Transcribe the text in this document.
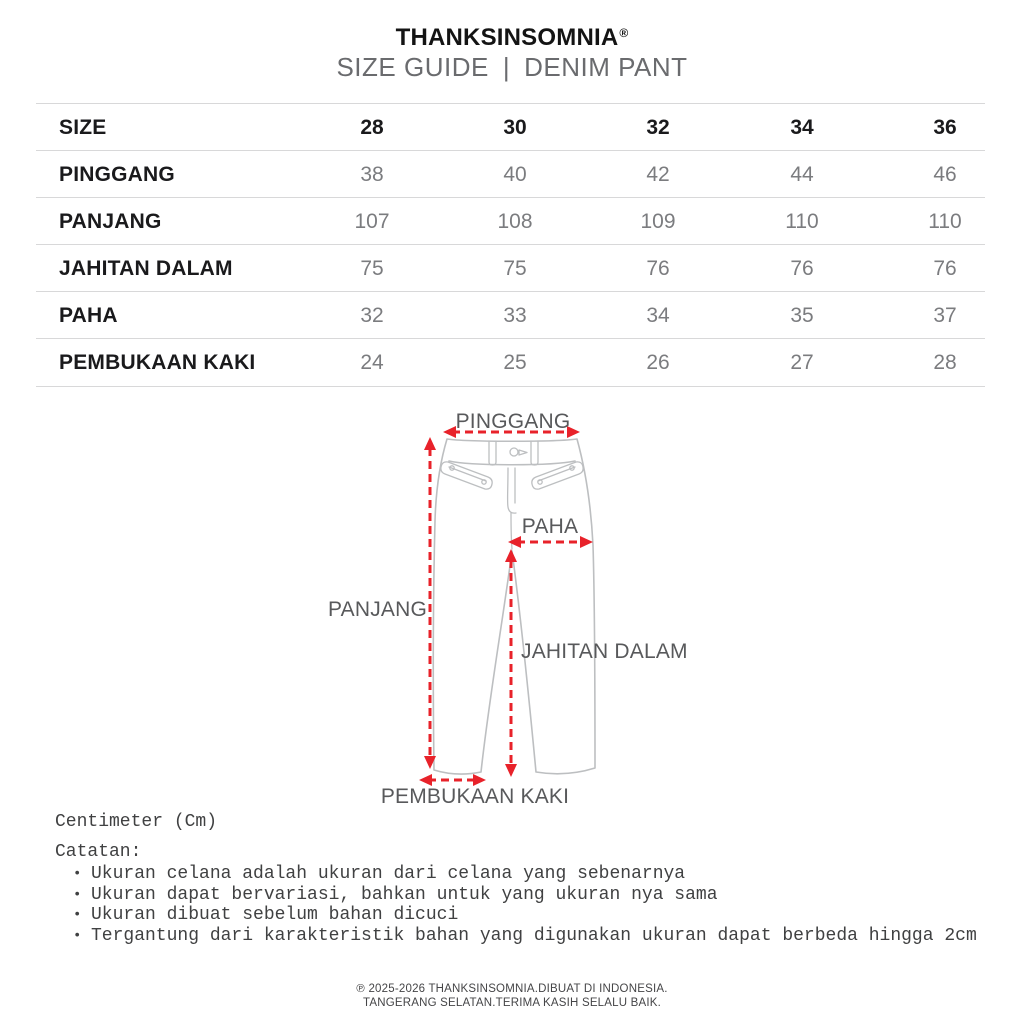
THANKSINSOMNIA®
SIZE GUIDE | DENIM PANT
SIZE	28	30	32	34	36
PINGGANG	38	40	42	44	46
PANJANG	107	108	109	110	110
JAHITAN DALAM	75	75	76	76	76
PAHA	32	33	34	35	37
PEMBUKAAN KAKI	24	25	26	27	28
PINGGANG
PAHA
PANJANG
JAHITAN DALAM
PEMBUKAAN KAKI
Centimeter (Cm)
Catatan:
• Ukuran celana adalah ukuran dari celana yang sebenarnya
• Ukuran dapat bervariasi, bahkan untuk yang ukuran nya sama
• Ukuran dibuat sebelum bahan dicuci
• Tergantung dari karakteristik bahan yang digunakan ukuran dapat berbeda hingga 2cm
℗ 2025-2026 THANKSINSOMNIA.DIBUAT DI INDONESIA.
TANGERANG SELATAN.TERIMA KASIH SELALU BAIK.
